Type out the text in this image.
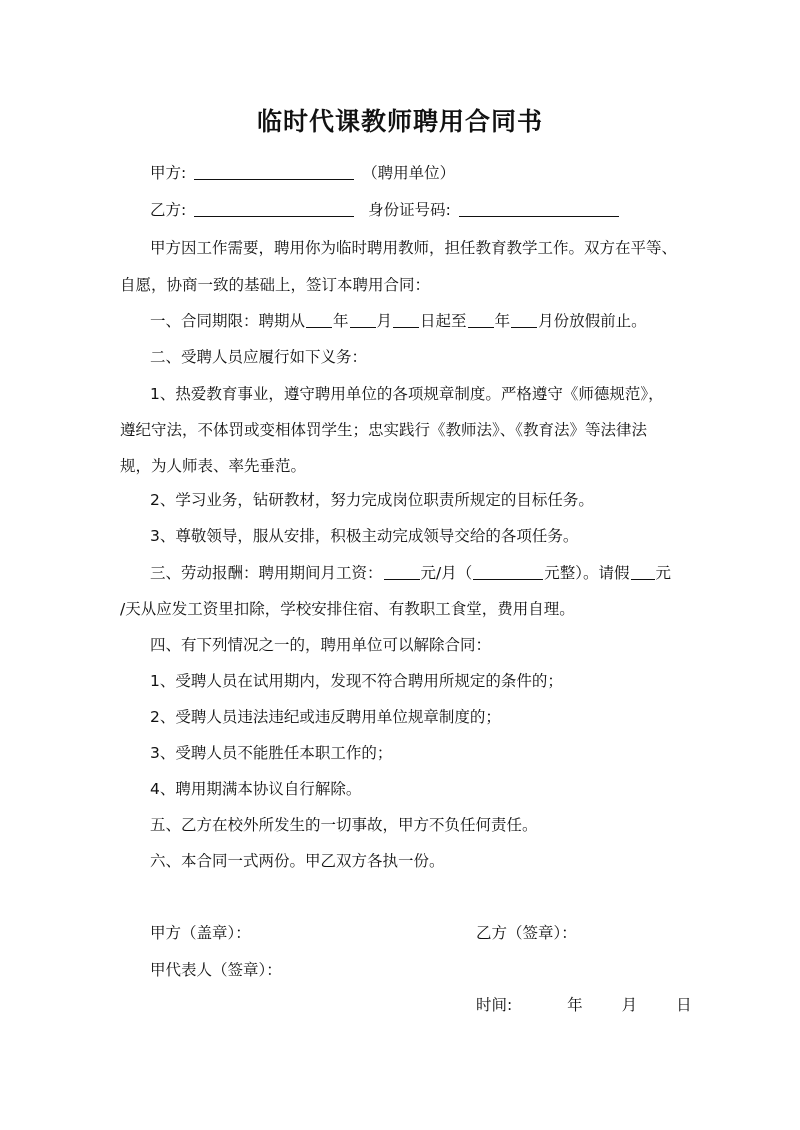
临时代课教师聘用合同书
甲方:	（聘用单位）
乙方:	身份证号码:
甲方因工作需要，聘用你为临时聘用教师，担任教育教学工作。双方在平等、
自愿，协商一致的基础上，签订本聘用合同：
一、合同期限：聘期从 年 月 日起至 年 月份放假前止。
二、受聘人员应履行如下义务：
1、热爱教育事业，遵守聘用单位的各项规章制度。严格遵守《师德规范》，
遵纪守法，不体罚或变相体罚学生；忠实践行《教师法》、《教育法》等法律法
规，为人师表、率先垂范。
2、学习业务，钻研教材，努力完成岗位职责所规定的目标任务。
3、尊敬领导，服从安排，积极主动完成领导交给的各项任务。
三、劳动报酬：聘用期间月工资： 元/月（	元整）。请假 元
/天从应发工资里扣除，学校安排住宿、有教职工食堂，费用自理。
四、有下列情况之一的，聘用单位可以解除合同：
1、受聘人员在试用期内，发现不符合聘用所规定的条件的；
2、受聘人员违法违纪或违反聘用单位规章制度的；
3、受聘人员不能胜任本职工作的；
4、聘用期满本协议自行解除。
五、乙方在校外所发生的一切事故，甲方不负任何责任。
六、本合同一式两份。甲乙双方各执一份。
甲方（盖章）：	乙方（签章）：
甲代表人（签章）：
时间:	年	月	日
